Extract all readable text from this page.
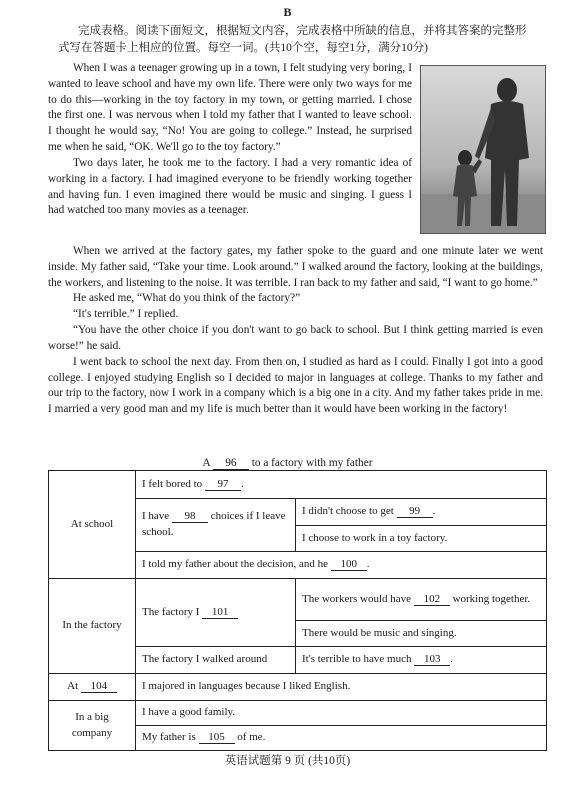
B
完成表格。阅读下面短文，根据短文内容，完成表格中所缺的信息，并将其答案的完整形式写在答题卡上相应的位置。每空一词。(共10个空，每空1分，满分10分)

When I was a teenager growing up in a town, I felt studying very boring, I wanted to leave school and have my own life. There were only two ways for me to do this—working in the toy factory in my town, or getting married. I chose the first one. I was nervous when I told my father that I wanted to leave school. I thought he would say, “No! You are going to college.” Instead, he surprised me when he said, “OK. We'll go to the toy factory.”

Two days later, he took me to the factory. I had a very romantic idea of working in a factory. I had imagined everyone to be friendly working together and having fun. I even imagined there would be music and singing. I guess I had watched too many movies as a teenager.

When we arrived at the factory gates, my father spoke to the guard and one minute later we went inside. My father said, “Take your time. Look around.” I walked around the factory, looking at the buildings, the workers, and listening to the noise. It was terrible. I ran back to my father and said, “I want to go home.”

He asked me, “What do you think of the factory?”

“It's terrible.” I replied.

“You have the other choice if you don't want to go back to school. But I think getting married is even worse!” he said.

I went back to school the next day. From then on, I studied as hard as I could. Finally I got into a good college. I enjoyed studying English so I decided to major in languages at college. Thanks to my father and our trip to the factory, now I work in a company which is a big one in a city. And my father takes pride in me. I married a very good man and my life is much better than it would have been working in the factory!

A 96 to a factory with my father
At school	I felt bored to 97 .	
	I have 98 choices if I leave school.	I didn't choose to get 99 .
		I choose to work in a toy factory.
	I told my father about the decision, and he 100 .	
In the factory	The factory I 101	The workers would have 102 working together.
		There would be music and singing.
	The factory I walked around	It's terrible to have much 103 .
At 104	I majored in languages because I liked English.	
In a big company	I have a good family.	
	My father is 105 of me.	
英语试题第 9 页 (共10页)
